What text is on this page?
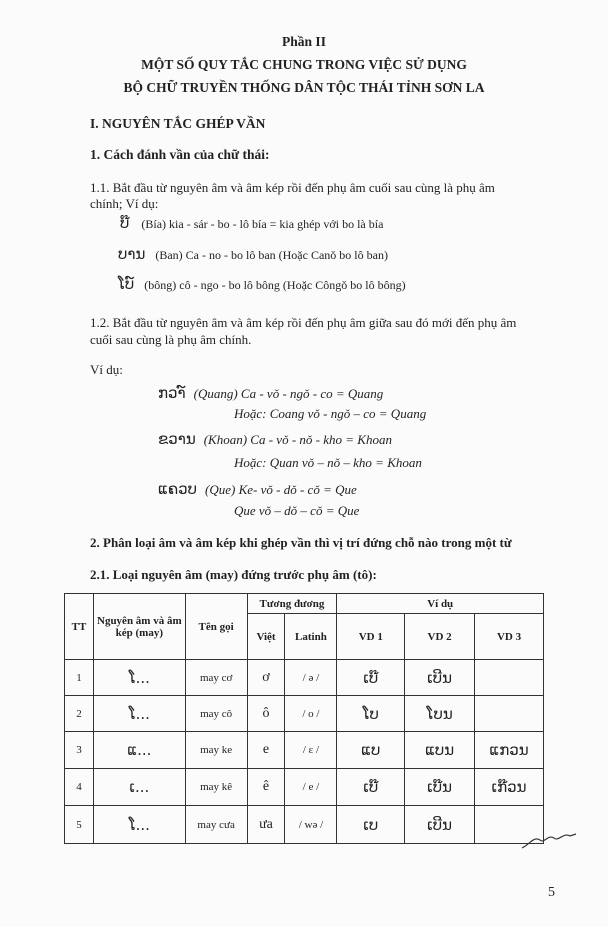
Phần II
MỘT SỐ QUY TẮC CHUNG TRONG VIỆC SỬ DỤNG
BỘ CHỮ TRUYỀN THỐNG DÂN TỘC THÁI TỈNH SƠN LA
I. NGUYÊN TẮC GHÉP VẦN
1. Cách đánh vần của chữ thái:
1.1. Bắt đầu từ nguyên âm và âm kép rồi đến phụ âm cuối sau cùng là phụ âm
chính; Ví dụ:
ບ໊ (Bía) kia - sár - bo - lô bía = kia ghép với bo là bía
ບານ (Ban) Ca - no - bo lô ban (Hoặc Canǒ bo lô ban)
ໂບ໌ (bông) cô - ngo - bo lô bông (Hoặc Côngǒ bo lô bông)
1.2. Bắt đầu từ nguyên âm và âm kép rồi đến phụ âm giữa sau đó mới đến phụ âm
cuối sau cùng là phụ âm chính.
Ví dụ:
ກວາ໌ (Quang) Ca - vǒ - ngǒ - co = Quang
Hoặc: Coang vǒ - ngǒ – co = Quang
ຂວານ (Khoan) Ca - vǒ - nǒ - kho = Khoan
Hoặc: Quan vǒ – nǒ – kho = Khoan
ແຄວບ (Que) Ke- vǒ - dǒ - cǒ = Que
Que vǒ – dǒ – cǒ = Que
2. Phân loại âm và âm kép khi ghép vần thì vị trí đứng chỗ nào trong một từ
2.1. Loại nguyên âm (may) đứng trước phụ âm (tô):
TT	Nguyên âm và âm kép (may)	Tên gọi	Tương đương		Ví dụ		
			Việt	Latinh	VD 1	VD 2	VD 3
1	ໂ...	may cơ	ơ	/ ə /	ເບ໊	ເບີນ	
2	ໂ...	may cô	ô	/ o /	ໂບ	ໂບນ	
3	ແ...	may ke	e	/ ɛ /	ແບ	ແບນ	ແກວນ
4	ເ...	may kê	ê	/ e /	ເບ໊	ເບ໊ນ	ເກ໊ວນ
5	ໂ...	may cưa	ưa	/ wə /	ເບ	ເບີນ	
5
